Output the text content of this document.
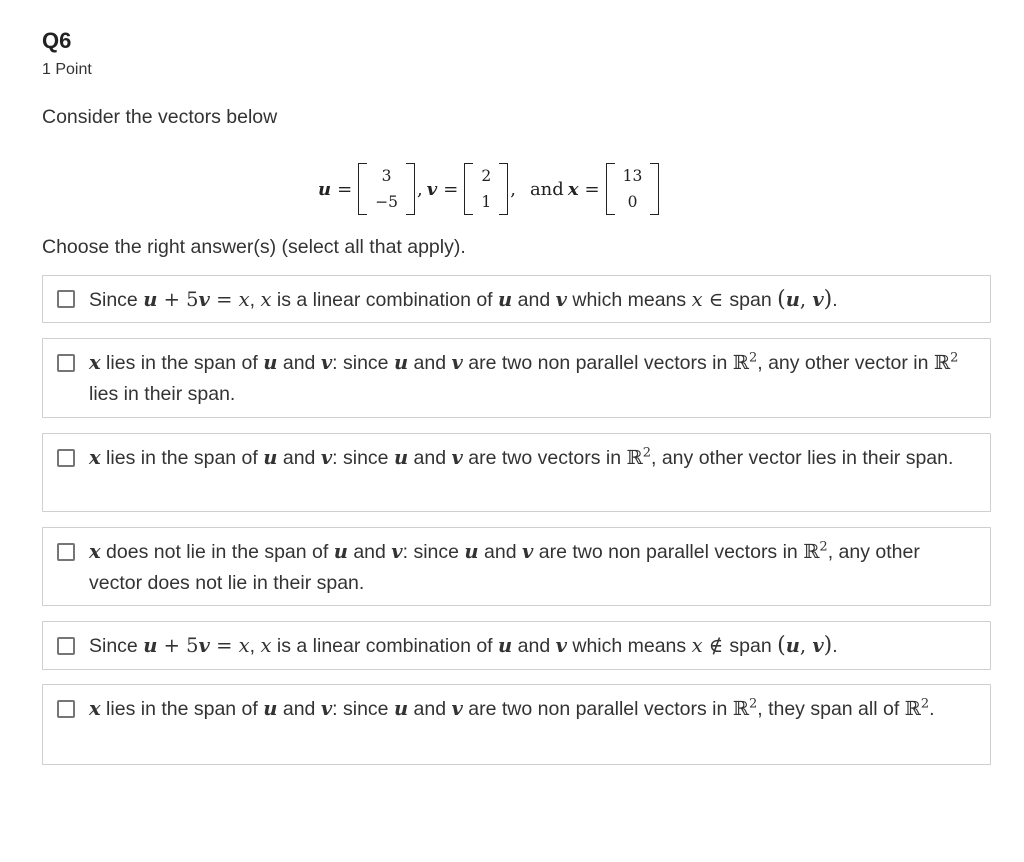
Q6
1 Point
Consider the vectors below
u =
3
−5
, v =
2
1
, and x =
13
0
Choose the right answer(s) (select all that apply).
Since u + 5v = x, x is a linear combination of u and v which means x ∈ span (u, v).
x lies in the span of u and v: since u and v are two non parallel vectors in ℝ$^2$, any other vector in ℝ$^2$ lies in their span.
x lies in the span of u and v: since u and v are two vectors in ℝ$^2$, any other vector lies in their span.
x does not lie in the span of u and v: since u and v are two non parallel vectors in ℝ$^2$, any other vector does not lie in their span.
Since u + 5v = x, x is a linear combination of u and v which means x ∉ span (u, v).
x lies in the span of u and v: since u and v are two non parallel vectors in ℝ$^2$, they span all of ℝ$^2$.
